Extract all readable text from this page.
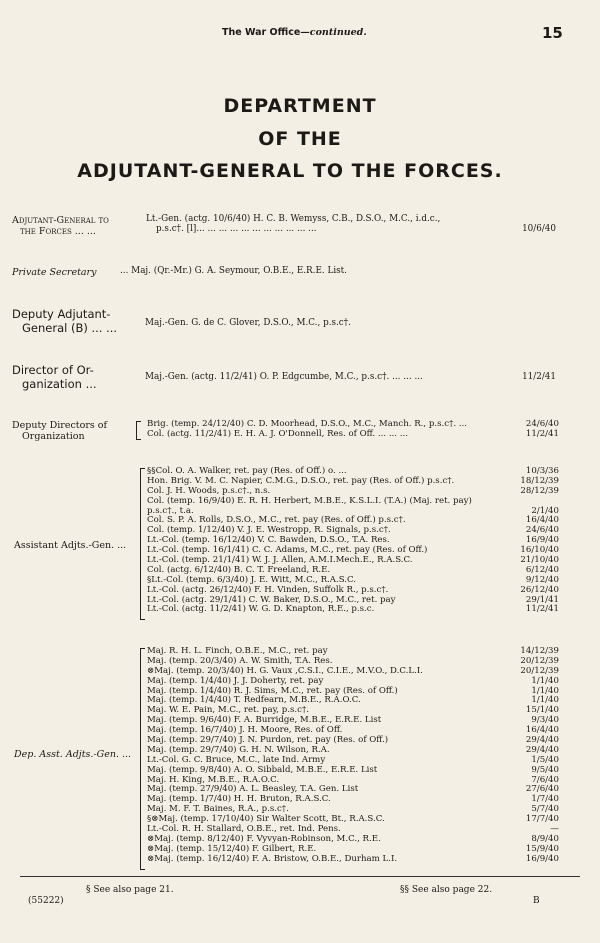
The War Office—continued.	15
DEPARTMENT
OF THE
ADJUTANT-GENERAL TO THE FORCES.
Adjutant-General to
the Forces ... ...
Lt.-Gen. (actg. 10/6/40) H. C. B. Wemyss, C.B., D.S.O., M.C., i.d.c.,
p.s.c†. [l]... ... ... ... ... ... ... ... ... ... ...	10/6/40
Private Secretary	... Maj. (Qr.-Mr.) G. A. Seymour, O.B.E., E.R.E. List.
Deputy Adjutant-
General (B) ... ...	Maj.-Gen. G. de C. Glover, D.S.O., M.C., p.s.c†.
Director of Or-
ganization ...	Maj.-Gen. (actg. 11/2/41) O. P. Edgcumbe, M.C., p.s.c†. ... ... ...	11/2/41
Deputy Directors of
Organization
Brig. (temp. 24/12/40) C. D. Moorhead, D.S.O., M.C., Manch. R., p.s.c†. ...	24/6/40
Col. (actg. 11/2/41) E. H. A. J. O'Donnell, Res. of Off. ... ... ...	11/2/41
Assistant Adjts.-Gen. ...
§§Col. O. A. Walker, ret. pay (Res. of Off.) o. ...	10/3/36
Hon. Brig. V. M. C. Napier, C.M.G., D.S.O., ret. pay (Res. of Off.) p.s.c†.	18/12/39
Col. J. H. Woods, p.s.c†., n.s.	28/12/39
Col. (temp. 16/9/40) E. R. H. Herbert, M.B.E., K.S.L.I. (T.A.) (Maj. ret. pay)
p.s.c†., t.a.	2/1/40
Col. S. P. A. Rolls, D.S.O., M.C., ret. pay (Res. of Off.) p.s.c†.	16/4/40
Col. (temp. 1/12/40) V. J. E. Westropp, R. Signals, p.s.c†.	24/6/40
Lt.-Col. (temp. 16/12/40) V. C. Bawden, D.S.O., T.A. Res.	16/9/40
Lt.-Col. (temp. 16/1/41) C. C. Adams, M.C., ret. pay (Res. of Off.)	16/10/40
Lt.-Col. (temp. 21/1/41) W. J. J. Allen, A.M.I.Mech.E., R.A.S.C.	21/10/40
Col. (actg. 6/12/40) B. C. T. Freeland, R.E.	6/12/40
§Lt.-Col. (temp. 6/3/40) J. E. Witt, M.C., R.A.S.C.	9/12/40
Lt.-Col. (actg. 26/12/40) F. H. Vinden, Suffolk R., p.s.c†.	26/12/40
Lt.-Col. (actg. 29/1/41) C. W. Baker, D.S.O., M.C., ret. pay	29/1/41
Lt.-Col. (actg. 11/2/41) W. G. D. Knapton, R.E., p.s.c.	11/2/41
Dep. Asst. Adjts.-Gen. ...
Maj. R. H. L. Finch, O.B.E., M.C., ret. pay	14/12/39
Maj. (temp. 20/3/40) A. W. Smith, T.A. Res.	20/12/39
⊗Maj. (temp. 20/3/40) H. G. Vaux ,C.S.I., C.I.E., M.V.O., D.C.L.I.	20/12/39
Maj. (temp. 1/4/40) J. J. Doherty, ret. pay	1/1/40
Maj. (temp. 1/4/40) R. J. Sims, M.C., ret. pay (Res. of Off.)	1/1/40
Maj. (temp. 1/4/40) T. Redfearn, M.B.E., R.A.O.C.	1/1/40
Maj. W. E. Pain, M.C., ret. pay, p.s.c†.	15/1/40
Maj. (temp. 9/6/40) F. A. Burridge, M.B.E., E.R.E. List	9/3/40
Maj. (temp. 16/7/40) J. H. Moore, Res. of Off.	16/4/40
Maj. (temp. 29/7/40) J. N. Purdon, ret. pay (Res. of Off.)	29/4/40
Maj. (temp. 29/7/40) G. H. N. Wilson, R.A.	29/4/40
Lt.-Col. G. C. Bruce, M.C., late Ind. Army	1/5/40
Maj. (temp. 9/8/40) A. O. Sibbald, M.B.E., E.R.E. List	9/5/40
Maj. H. King, M.B.E., R.A.O.C.	7/6/40
Maj. (temp. 27/9/40) A. L. Beasley, T.A. Gen. List	27/6/40
Maj. (temp. 1/7/40) H. H. Bruton, R.A.S.C.	1/7/40
Maj. M. F. T. Baines, R.A., p.s.c†.	5/7/40
§⊗Maj. (temp. 17/10/40) Sir Walter Scott, Bt., R.A.S.C.	17/7/40
Lt.-Col. R. H. Stallard, O.B.E., ret. Ind. Pens.	—
⊗Maj. (temp. 8/12/40) F. Vyvyan-Robinson, M.C., R.E.	8/9/40
⊗Maj. (temp. 15/12/40) F. Gilbert, R.E.	15/9/40
⊗Maj. (temp. 16/12/40) F. A. Bristow, O.B.E., Durham L.I.	16/9/40
(55222)
§ See also page 21.	§§ See also page 22.
B
